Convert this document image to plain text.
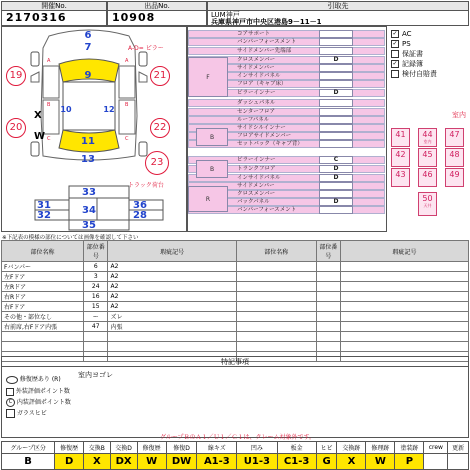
開催No.
2170316
出品No.
10908
引取先
LUM神戸
兵庫県神戸市中央区港島9－11－1
A	A
B	B
C	C
6
7	A-D= ピラー
9
10
11
12
13
19	21
20	22
23
X
W
トラック荷台
33
31
32	34	36
28
35
※下記表の模様の部位については画像を確認して下さい
F
R
B
B
コアサポート
バンパーフォースメント
サイドメンバー先端部
クロスメンバー	D
サイドメンバー
インサイドパネル
フロア（キャブ床）
ピラーインナー	D
ダッシュパネル
センターフロア
ルーフパネル
サイドシルインナー
フロアサイドメンバー
セットバック（キャブ背）
ピラーインナー	C
トランクフロア	D
インサイドパネル	D
サイドメンバー
クロスメンバー
バックパネル	D
バンパーフォースメント
✓ AC
✓ PS
保証書
✓ 記録簿
検付自賠責
室内
41	44
室内
47
42	45	48
43	46	49
50
天井
部位名称	部位番号	瑕疵記号	部位名称	部位番号	瑕疵記号
Fバンパー	6	A2			
左Fドア	3	A2			
左Rドア	24	A2			
右Rドア	16	A2			
右Fドア	15	A2			
その他・部位なし	ー	ズレ			
右前席,右Fドア内張	47	内張			

特記事項
室内ヨゴレ
修復歴あり (R)
外装評価ポイント数
C 内装評価ポイント数
ガラスヒビ
グループＢのＡ１／Ｕ１／Ｃ１は、クレーム対象外です。
グループ区分	修復歴	交換B	交換D	修復歴	修復D	線キズ	凹み	板金	ヒビ	交換跡	修理跡	塗装跡	crew	更新
B	D	X	DX	W	DW	A1-3	U1-3	C1-3	G	X	W	P		
